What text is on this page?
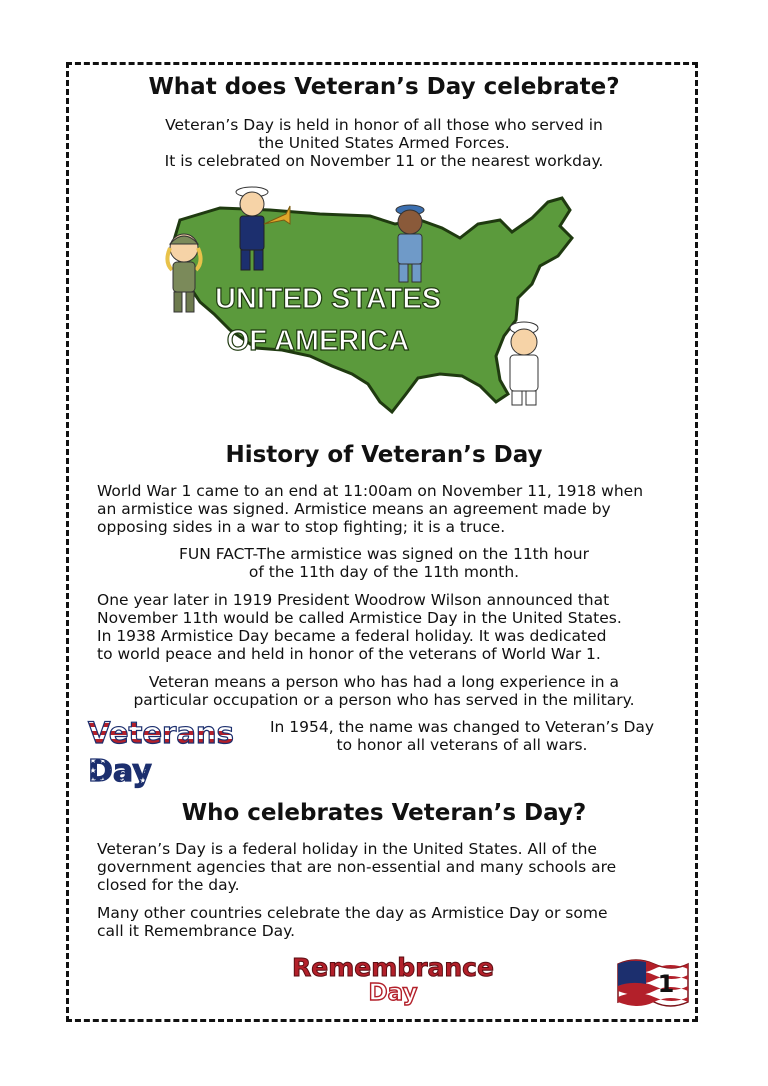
What does Veteran’s Day celebrate?

Veteran’s Day is held in honor of all those who served in
the United States Armed Forces.
It is celebrated on November 11 or the nearest workday.

UNITED STATES
OF AMERICA
History of Veteran’s Day

World War 1 came to an end at 11:00am on November 11, 1918 when
an armistice was signed. Armistice means an agreement made by
opposing sides in a war to stop fighting; it is a truce.

FUN FACT-The armistice was signed on the 11th hour
of the 11th day of the 11th month.

One year later in 1919 President Woodrow Wilson announced that
November 11th would be called Armistice Day in the United States.
In 1938 Armistice Day became a federal holiday. It was dedicated
to world peace and held in honor of the veterans of World War 1.

Veteran means a person who has had a long experience in a
particular occupation or a person who has served in the military.

In 1954, the name was changed to Veteran’s Day
to honor all veterans of all wars.

Veterans
Day
Who celebrates Veteran’s Day?

Veteran’s Day is a federal holiday in the United States. All of the
government agencies that are non-essential and many schools are
closed for the day.

Many other countries celebrate the day as Armistice Day or some
call it Remembrance Day.

Remembrance
Day	1
